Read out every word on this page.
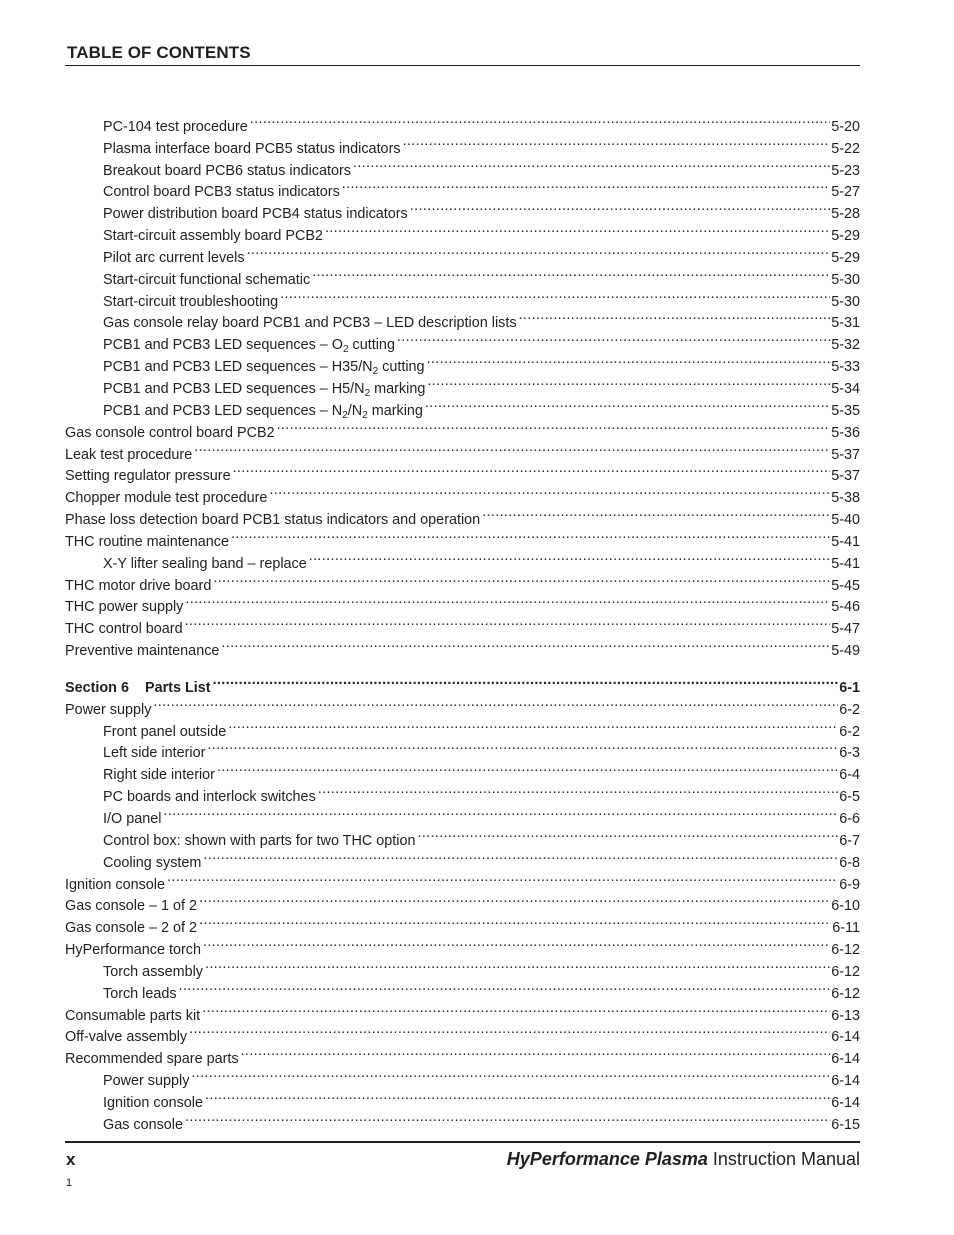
TABLE OF CONTENTS
PC-104 test procedure .....	5-20
Plasma interface board PCB5 status indicators .....	5-22
Breakout board PCB6 status indicators .....	5-23
Control board PCB3 status indicators .....	5-27
Power distribution board PCB4 status indicators .....	5-28
Start-circuit assembly board PCB2 .....	5-29
Pilot arc current levels .....	5-29
Start-circuit functional schematic .....	5-30
Start-circuit troubleshooting .....	5-30
Gas console relay board PCB1 and PCB3 – LED description lists .....	5-31
PCB1 and PCB3 LED sequences – $O_2$ cutting .....	5-32
PCB1 and PCB3 LED sequences – $H35/N_2$ cutting .....	5-33
PCB1 and PCB3 LED sequences – $H5/N_2$ marking .....	5-34
PCB1 and PCB3 LED sequences – $N_2/N_2$ marking .....	5-35
Gas console control board PCB2 .....	5-36
Leak test procedure .....	5-37
Setting regulator pressure .....	5-37
Chopper module test procedure .....	5-38
Phase loss detection board PCB1 status indicators and operation .....	5-40
THC routine maintenance .....	5-41
X-Y lifter sealing band – replace .....	5-41
THC motor drive board .....	5-45
THC power supply .....	5-46
THC control board .....	5-47
Preventive maintenance .....	5-49
Section 6    Parts List .....	6-1
Power supply .....	6-2
Front panel outside .....	6-2
Left side interior .....	6-3
Right side interior .....	6-4
PC boards and interlock switches .....	6-5
I/O panel .....	6-6
Control box: shown with parts for two THC option .....	6-7
Cooling system .....	6-8
Ignition console .....	6-9
Gas console – 1 of 2 .....	6-10
Gas console – 2 of 2 .....	6-11
HyPerformance torch .....	6-12
Torch assembly .....	6-12
Torch leads .....	6-12
Consumable parts kit .....	6-13
Off-valve assembly .....	6-14
Recommended spare parts .....	6-14
Power supply .....	6-14
Ignition console .....	6-14
Gas console .....	6-15
x	HyPerformance Plasma Instruction Manual
1
